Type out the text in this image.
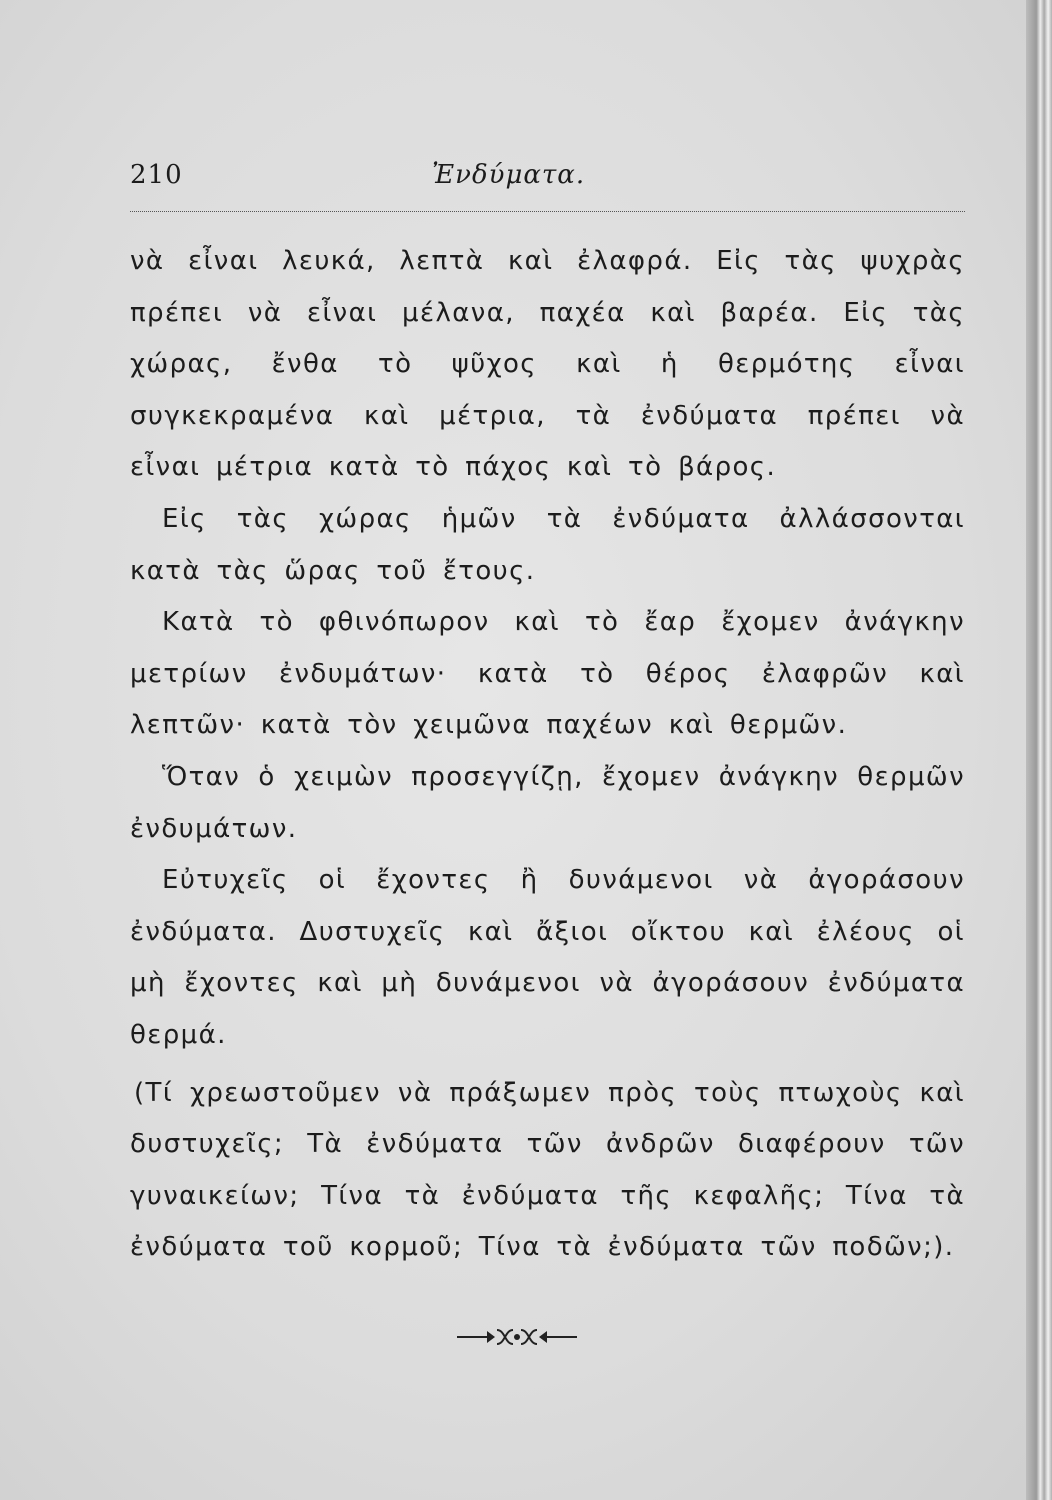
210	Ἐνδύματα.

νὰ εἶναι λευκά, λεπτὰ καὶ ἐλαφρά. Εἰς τὰς ψυχρὰς πρέπει νὰ εἶναι μέλανα, παχέα καὶ βαρέα. Εἰς τὰς χώρας, ἔνθα τὸ ψῦχος καὶ ἡ θερμότης εἶναι συγκεκραμένα καὶ μέτρια, τὰ ἐνδύματα πρέπει νὰ εἶναι μέτρια κατὰ τὸ πάχος καὶ τὸ βάρος.

Εἰς τὰς χώρας ἡμῶν τὰ ἐνδύματα ἀλλάσσονται κατὰ τὰς ὥρας τοῦ ἔτους.

Κατὰ τὸ φθινόπωρον καὶ τὸ ἔαρ ἔχομεν ἀνάγκην μετρίων ἐνδυμάτων· κατὰ τὸ θέρος ἐλαφρῶν καὶ λεπτῶν· κατὰ τὸν χειμῶνα παχέων καὶ θερμῶν.

Ὅταν ὁ χειμὼν προσεγγίζῃ, ἔχομεν ἀνάγκην θερμῶν ἐνδυμάτων.

Εὐτυχεῖς οἱ ἔχοντες ἢ δυνάμενοι νὰ ἀγοράσουν ἐνδύματα. Δυστυχεῖς καὶ ἄξιοι οἴκτου καὶ ἐλέους οἱ μὴ ἔχοντες καὶ μὴ δυνάμενοι νὰ ἀγοράσουν ἐνδύματα θερμά.

(Τί χρεωστοῦμεν νὰ πράξωμεν πρὸς τοὺς πτωχοὺς καὶ δυστυχεῖς; Τὰ ἐνδύματα τῶν ἀνδρῶν διαφέρουν τῶν γυναικείων; Τίνα τὰ ἐνδύματα τῆς κεφαλῆς; Τίνα τὰ ἐνδύματα τοῦ κορμοῦ; Τίνα τὰ ἐνδύματα τῶν ποδῶν;).
